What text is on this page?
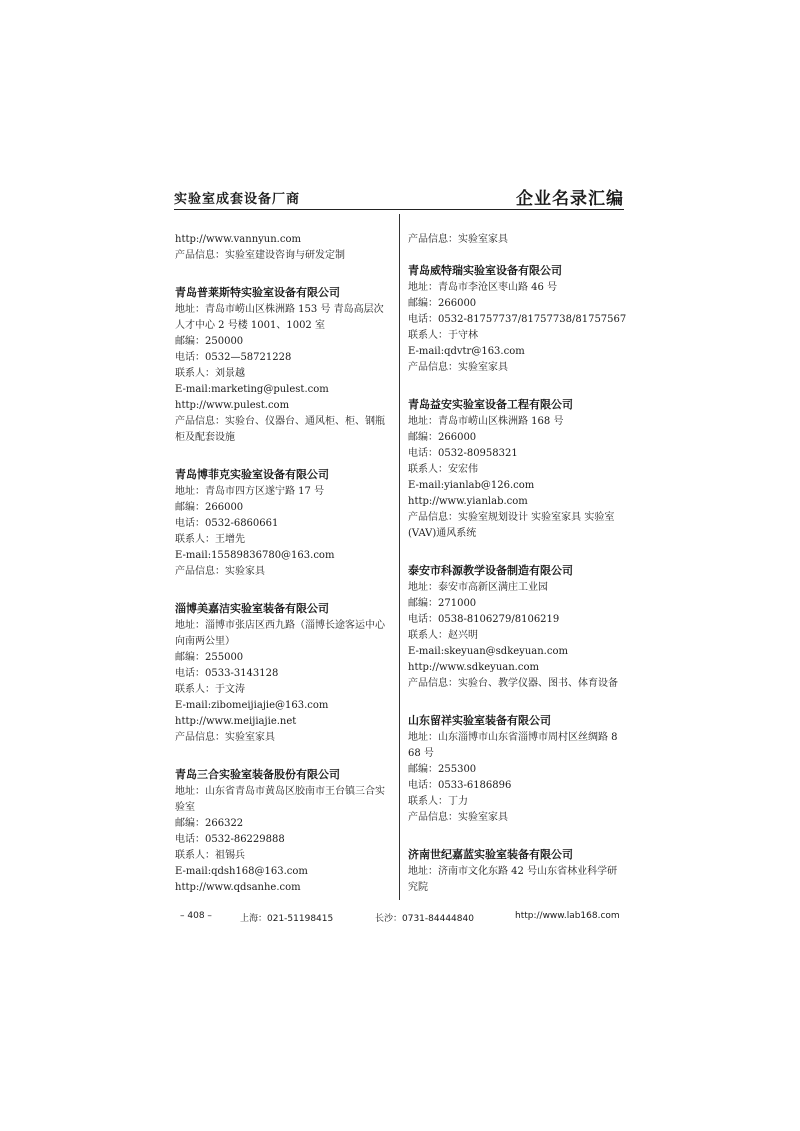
实验室成套设备厂商	企业名录汇编
http://www.vannyun.com
产品信息：实验室建设咨询与研发定制
青岛普莱斯特实验室设备有限公司
地址：青岛市崂山区株洲路 153 号 青岛高层次人才中心 2 号楼 1001、1002 室
邮编：250000
电话：0532—58721228
联系人：刘景越
E-mail:marketing@pulest.com
http://www.pulest.com
产品信息：实验台、仪器台、通风柜、柜、钢瓶柜及配套设施
青岛博菲克实验室设备有限公司
地址：青岛市四方区遂宁路 17 号
邮编：266000
电话：0532-6860661
联系人：王增先
E-mail:15589836780@163.com
产品信息：实验家具
淄博美嘉洁实验室装备有限公司
地址：淄博市张店区西九路（淄博长途客运中心向南两公里）
邮编：255000
电话：0533-3143128
联系人：于文涛
E-mail:zibomeijiajie@163.com
http://www.meijiajie.net
产品信息：实验室家具
青岛三合实验室装备股份有限公司
地址：山东省青岛市黄岛区胶南市王台镇三合实验室
邮编：266322
电话：0532-86229888
联系人：祖锡兵
E-mail:qdsh168@163.com
http://www.qdsanhe.com
产品信息：实验室家具
青岛威特瑞实验室设备有限公司
地址：青岛市李沧区枣山路 46 号
邮编：266000
电话：0532-81757737/81757738/81757567
联系人：于守林
E-mail:qdvtr@163.com
产品信息：实验室家具
青岛益安实验室设备工程有限公司
地址：青岛市崂山区株洲路 168 号
邮编：266000
电话：0532-80958321
联系人：安宏伟
E-mail:yianlab@126.com
http://www.yianlab.com
产品信息：实验室规划设计 实验室家具 实验室(VAV)通风系统
泰安市科源教学设备制造有限公司
地址：泰安市高新区满庄工业园
邮编：271000
电话：0538-8106279/8106219
联系人：赵兴明
E-mail:skeyuan@sdkeyuan.com
http://www.sdkeyuan.com
产品信息：实验台、教学仪器、图书、体育设备
山东留祥实验室装备有限公司
地址：山东淄博市山东省淄博市周村区丝绸路 868 号
邮编：255300
电话：0533-6186896
联系人：丁力
产品信息：实验室家具
济南世纪嘉蓝实验室装备有限公司
地址：济南市文化东路 42 号山东省林业科学研究院
– 408 –	上海：021-51198415	长沙：0731-84444840	http://www.lab168.com
